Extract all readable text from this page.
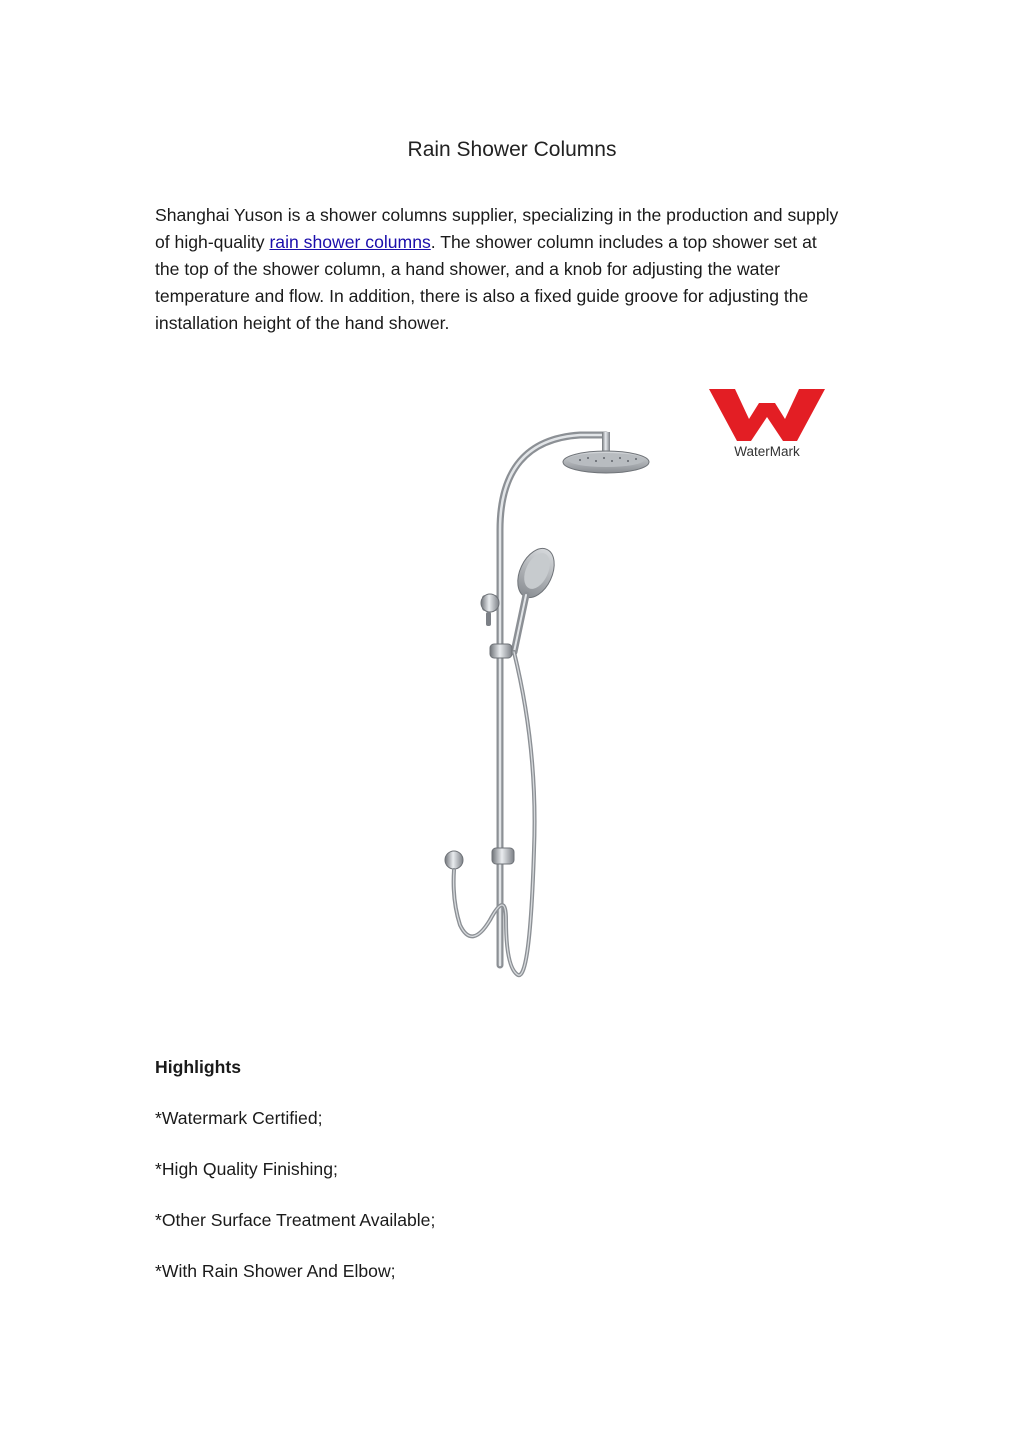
Rain Shower Columns
Shanghai Yuson is a shower columns supplier, specializing in the production and supply of high-quality rain shower columns. The shower column includes a top shower set at the top of the shower column, a hand shower, and a knob for adjusting the water temperature and flow. In addition, there is also a fixed guide groove for adjusting the installation height of the hand shower.
WaterMark
Highlights
*Watermark Certified;
*High Quality Finishing;
*Other Surface Treatment Available;
*With Rain Shower And Elbow;
